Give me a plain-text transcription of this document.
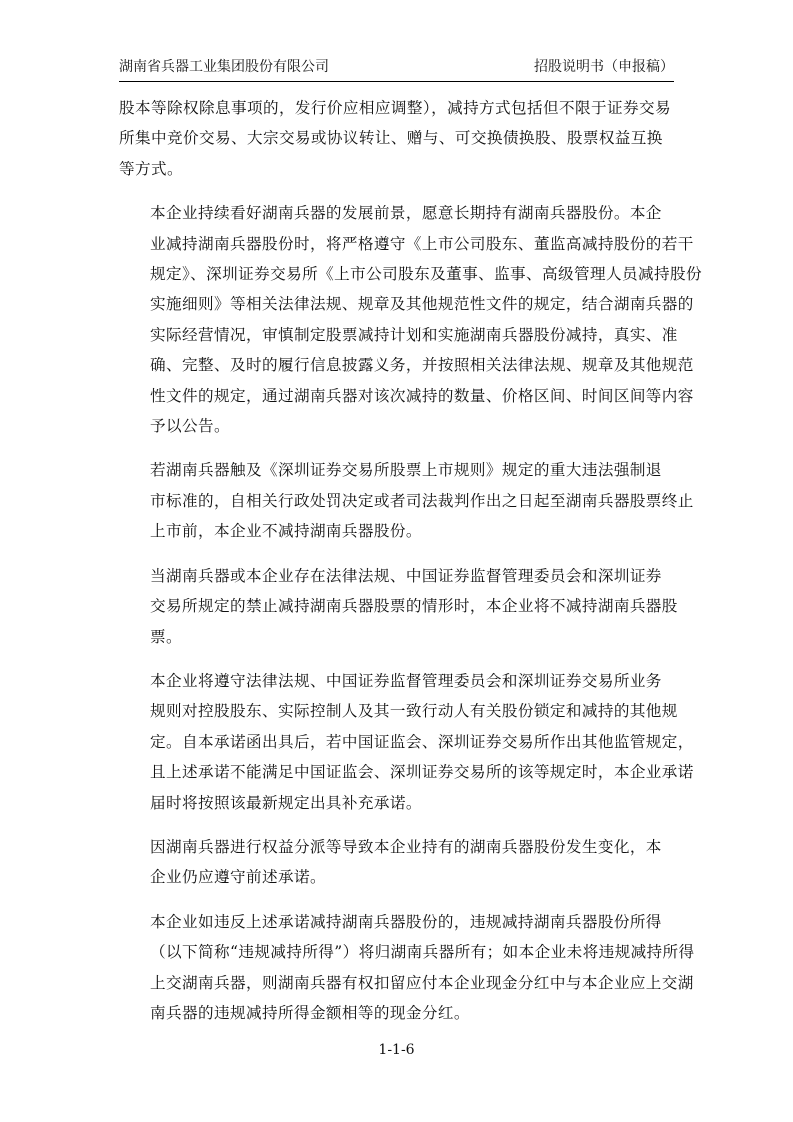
湖南省兵器工业集团股份有限公司	招股说明书（申报稿）

股本等除权除息事项的，发行价应相应调整），减持方式包括但不限于证券交易
所集中竞价交易、大宗交易或协议转让、赠与、可交换债换股、股票权益互换
等方式。

本企业持续看好湖南兵器的发展前景，愿意长期持有湖南兵器股份。本企
业减持湖南兵器股份时，将严格遵守《上市公司股东、董监高减持股份的若干
规定》、深圳证券交易所《上市公司股东及董事、监事、高级管理人员减持股份
实施细则》等相关法律法规、规章及其他规范性文件的规定，结合湖南兵器的
实际经营情况，审慎制定股票减持计划和实施湖南兵器股份减持，真实、准
确、完整、及时的履行信息披露义务，并按照相关法律法规、规章及其他规范
性文件的规定，通过湖南兵器对该次减持的数量、价格区间、时间区间等内容
予以公告。

若湖南兵器触及《深圳证券交易所股票上市规则》规定的重大违法强制退
市标准的，自相关行政处罚决定或者司法裁判作出之日起至湖南兵器股票终止
上市前，本企业不减持湖南兵器股份。

当湖南兵器或本企业存在法律法规、中国证券监督管理委员会和深圳证券
交易所规定的禁止减持湖南兵器股票的情形时，本企业将不减持湖南兵器股
票。

本企业将遵守法律法规、中国证券监督管理委员会和深圳证券交易所业务
规则对控股股东、实际控制人及其一致行动人有关股份锁定和减持的其他规
定。自本承诺函出具后，若中国证监会、深圳证券交易所作出其他监管规定，
且上述承诺不能满足中国证监会、深圳证券交易所的该等规定时，本企业承诺
届时将按照该最新规定出具补充承诺。

因湖南兵器进行权益分派等导致本企业持有的湖南兵器股份发生变化，本
企业仍应遵守前述承诺。

本企业如违反上述承诺减持湖南兵器股份的，违规减持湖南兵器股份所得
（以下简称“违规减持所得”）将归湖南兵器所有；如本企业未将违规减持所得
上交湖南兵器，则湖南兵器有权扣留应付本企业现金分红中与本企业应上交湖
南兵器的违规减持所得金额相等的现金分红。

1-1-6
